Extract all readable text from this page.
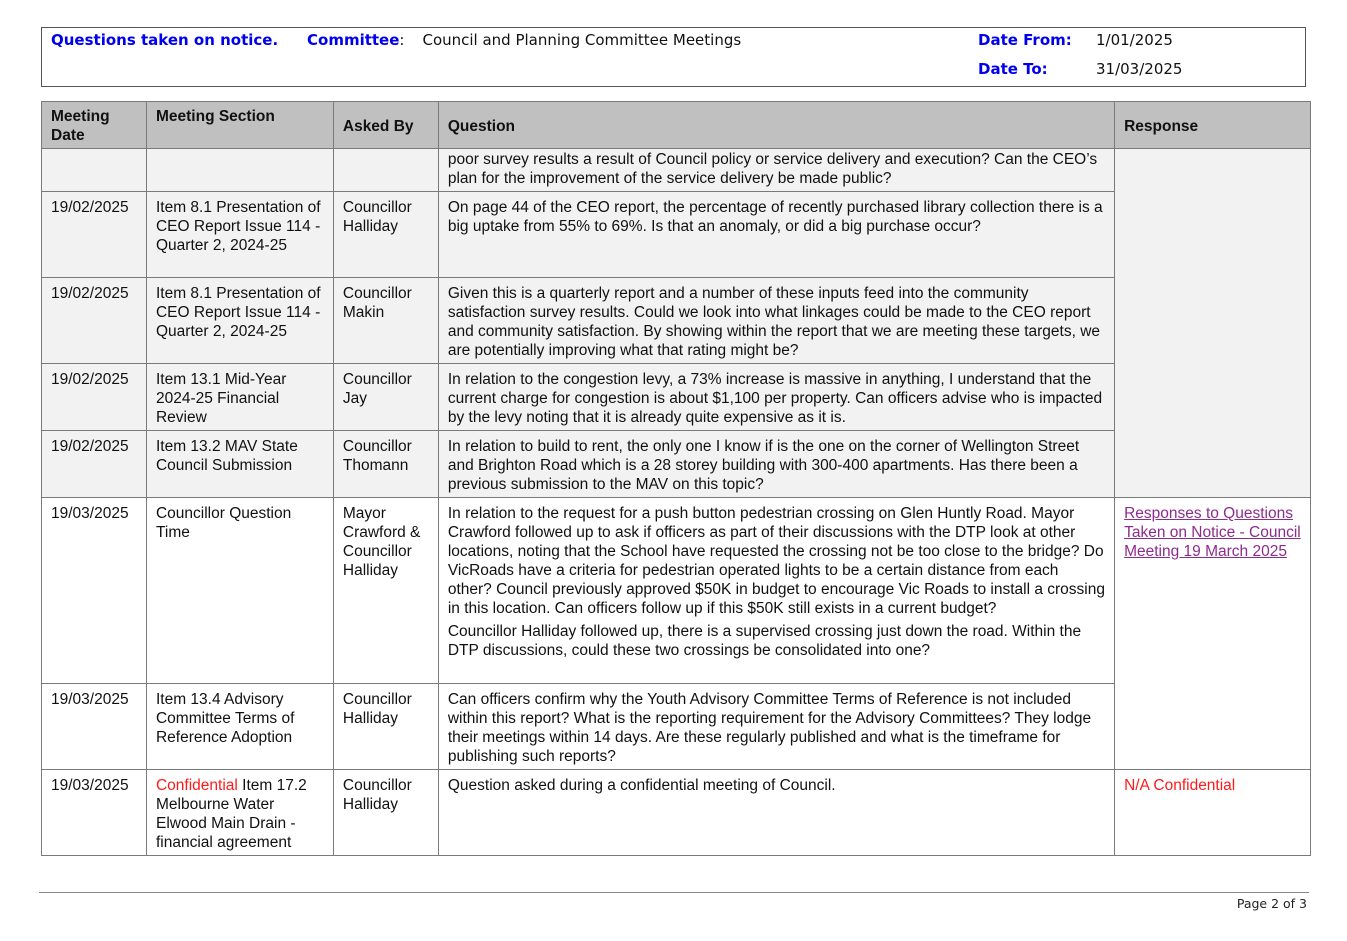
Questions taken on notice. Committee: Council and Planning Committee Meetings	Date From:	1/01/2025
Date To:	31/03/2025
Meeting
Date	Meeting Section	Asked By	Question	Response
			poor survey results a result of Council policy or service delivery and execution? Can the CEO’s plan for the improvement of the service delivery be made public?	
19/02/2025	Item 8.1 Presentation of CEO Report Issue 114 - Quarter 2, 2024-25	Councillor Halliday	On page 44 of the CEO report, the percentage of recently purchased library collection there is a big uptake from 55% to 69%. Is that an anomaly, or did a big purchase occur?	
19/02/2025	Item 8.1 Presentation of CEO Report Issue 114 - Quarter 2, 2024-25	Councillor Makin	Given this is a quarterly report and a number of these inputs feed into the community satisfaction survey results. Could we look into what linkages could be made to the CEO report and community satisfaction. By showing within the report that we are meeting these targets, we are potentially improving what that rating might be?	
19/02/2025	Item 13.1 Mid-Year 2024-25 Financial Review	Councillor Jay	In relation to the congestion levy, a 73% increase is massive in anything, I understand that the current charge for congestion is about $1,100 per property. Can officers advise who is impacted by the levy noting that it is already quite expensive as it is.	
19/02/2025	Item 13.2 MAV State Council Submission	Councillor Thomann	In relation to build to rent, the only one I know if is the one on the corner of Wellington Street and Brighton Road which is a 28 storey building with 300-400 apartments. Has there been a previous submission to the MAV on this topic?	
19/03/2025	Councillor Question Time	Mayor Crawford & Councillor Halliday	In relation to the request for a push button pedestrian crossing on Glen Huntly Road. Mayor Crawford followed up to ask if officers as part of their discussions with the DTP look at other locations, noting that the School have requested the crossing not be too close to the bridge? Do VicRoads have a criteria for pedestrian operated lights to be a certain distance from each other? Council previously approved $50K in budget to encourage Vic Roads to install a crossing in this location. Can officers follow up if this $50K still exists in a current budget?

Councillor Halliday followed up, there is a supervised crossing just down the road. Within the DTP discussions, could these two crossings be consolidated into one?	Responses to Questions Taken on Notice - Council Meeting 19 March 2025
19/03/2025	Item 13.4 Advisory Committee Terms of Reference Adoption	Councillor Halliday	Can officers confirm why the Youth Advisory Committee Terms of Reference is not included within this report? What is the reporting requirement for the Advisory Committees? They lodge their meetings within 14 days. Are these regularly published and what is the timeframe for publishing such reports?	
19/03/2025	Confidential Item 17.2 Melbourne Water Elwood Main Drain - financial agreement	Councillor Halliday	Question asked during a confidential meeting of Council.	N/A Confidential
Page 2 of 3
